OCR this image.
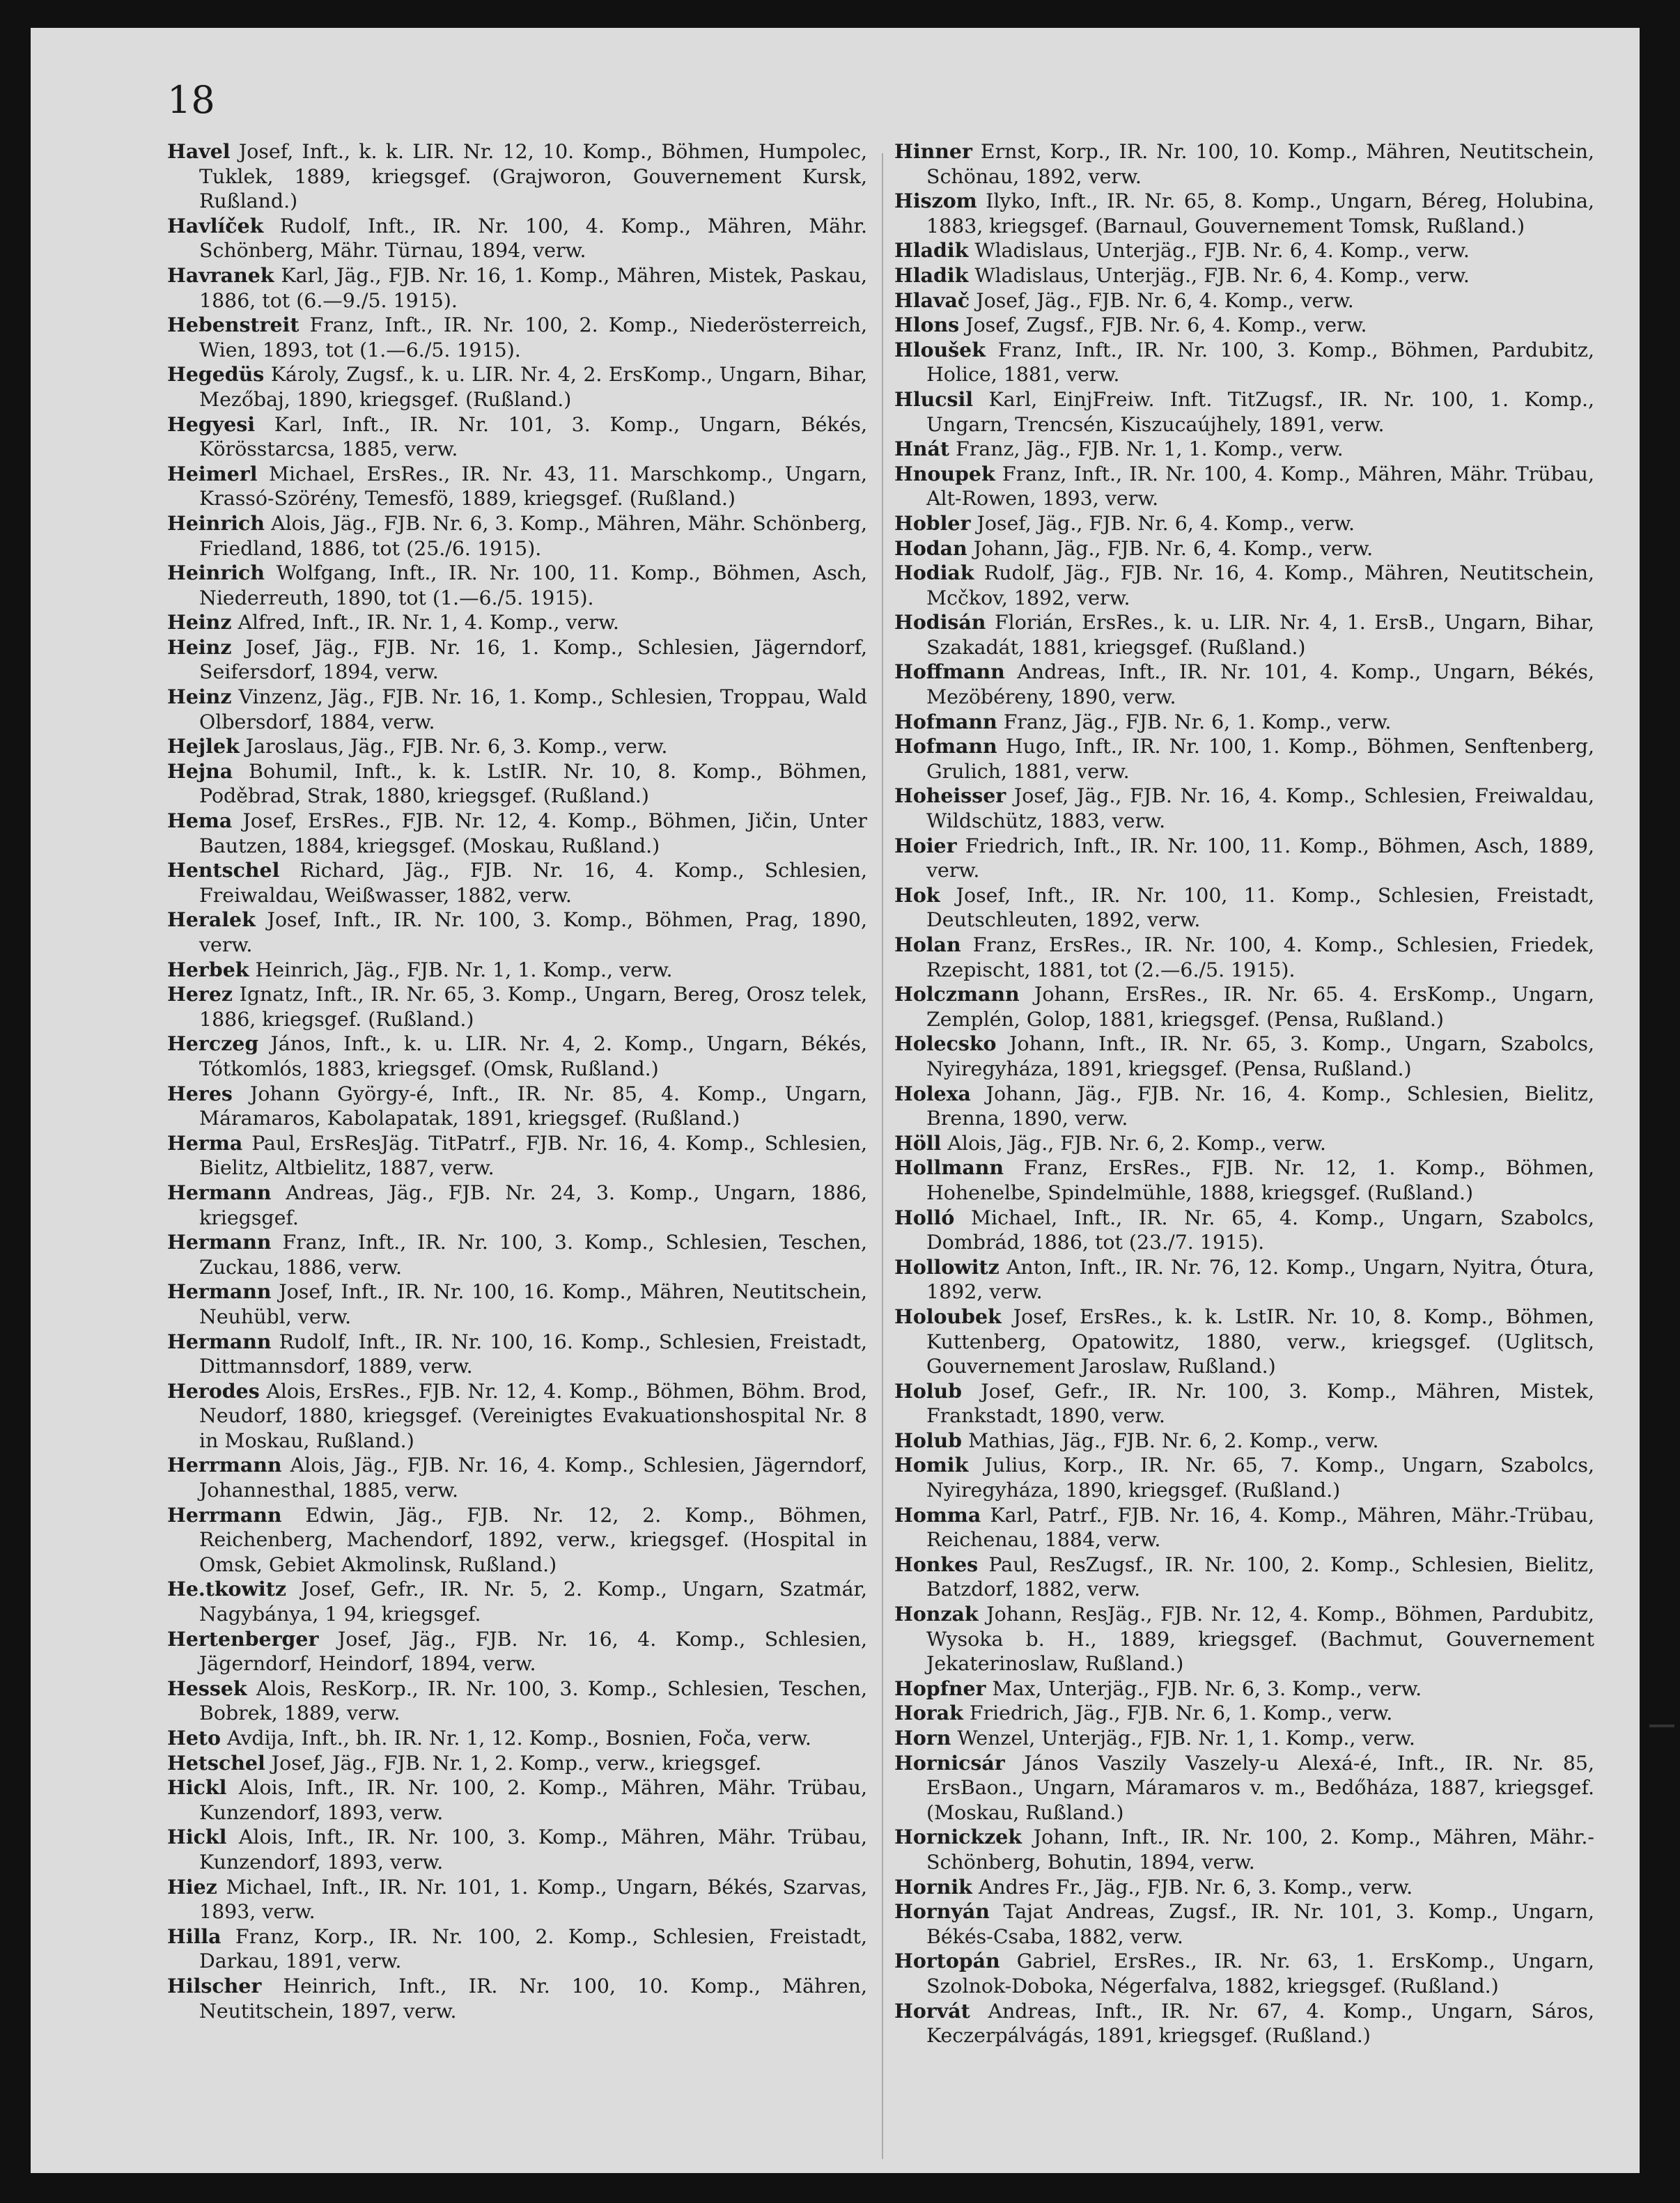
18

Havel Josef, Inft., k. k. LIR. Nr. 12, 10. Komp., Böhmen, Humpolec, Tuklek, 1889, kriegsgef. (Grajworon, Gouvernement Kursk, Rußland.)

Havlíček Rudolf, Inft., IR. Nr. 100, 4. Komp., Mähren, Mähr. Schönberg, Mähr. Türnau, 1894, verw.

Havranek Karl, Jäg., FJB. Nr. 16, 1. Komp., Mähren, Mistek, Paskau, 1886, tot (6.—9./5. 1915).

Hebenstreit Franz, Inft., IR. Nr. 100, 2. Komp., Niederösterreich, Wien, 1893, tot (1.—6./5. 1915).

Hegedüs Károly, Zugsf., k. u. LIR. Nr. 4, 2. ErsKomp., Ungarn, Bihar, Mezőbaj, 1890, kriegsgef. (Rußland.)

Hegyesi Karl, Inft., IR. Nr. 101, 3. Komp., Ungarn, Békés, Körösstarcsa, 1885, verw.

Heimerl Michael, ErsRes., IR. Nr. 43, 11. Marschkomp., Ungarn, Krassó-Szörény, Temesfö, 1889, kriegsgef. (Rußland.)

Heinrich Alois, Jäg., FJB. Nr. 6, 3. Komp., Mähren, Mähr. Schönberg, Friedland, 1886, tot (25./6. 1915).

Heinrich Wolfgang, Inft., IR. Nr. 100, 11. Komp., Böhmen, Asch, Niederreuth, 1890, tot (1.—6./5. 1915).

Heinz Alfred, Inft., IR. Nr. 1, 4. Komp., verw.

Heinz Josef, Jäg., FJB. Nr. 16, 1. Komp., Schlesien, Jägerndorf, Seifersdorf, 1894, verw.

Heinz Vinzenz, Jäg., FJB. Nr. 16, 1. Komp., Schlesien, Troppau, Wald Olbersdorf, 1884, verw.

Hejlek Jaroslaus, Jäg., FJB. Nr. 6, 3. Komp., verw.

Hejna Bohumil, Inft., k. k. LstIR. Nr. 10, 8. Komp., Böhmen, Poděbrad, Strak, 1880, kriegsgef. (Rußland.)

Hema Josef, ErsRes., FJB. Nr. 12, 4. Komp., Böhmen, Jičin, Unter Bautzen, 1884, kriegsgef. (Moskau, Rußland.)

Hentschel Richard, Jäg., FJB. Nr. 16, 4. Komp., Schlesien, Freiwaldau, Weißwasser, 1882, verw.

Heralek Josef, Inft., IR. Nr. 100, 3. Komp., Böhmen, Prag, 1890, verw.

Herbek Heinrich, Jäg., FJB. Nr. 1, 1. Komp., verw.

Herez Ignatz, Inft., IR. Nr. 65, 3. Komp., Ungarn, Bereg, Orosz telek, 1886, kriegsgef. (Rußland.)

Herczeg János, Inft., k. u. LIR. Nr. 4, 2. Komp., Ungarn, Békés, Tótkomlós, 1883, kriegsgef. (Omsk, Rußland.)

Heres Johann György-é, Inft., IR. Nr. 85, 4. Komp., Ungarn, Máramaros, Kabolapatak, 1891, kriegsgef. (Rußland.)

Herma Paul, ErsResJäg. TitPatrf., FJB. Nr. 16, 4. Komp., Schlesien, Bielitz, Altbielitz, 1887, verw.

Hermann Andreas, Jäg., FJB. Nr. 24, 3. Komp., Ungarn, 1886, kriegsgef.

Hermann Franz, Inft., IR. Nr. 100, 3. Komp., Schlesien, Teschen, Zuckau, 1886, verw.

Hermann Josef, Inft., IR. Nr. 100, 16. Komp., Mähren, Neutitschein, Neuhübl, verw.

Hermann Rudolf, Inft., IR. Nr. 100, 16. Komp., Schlesien, Freistadt, Dittmannsdorf, 1889, verw.

Herodes Alois, ErsRes., FJB. Nr. 12, 4. Komp., Böhmen, Böhm. Brod, Neudorf, 1880, kriegsgef. (Vereinigtes Evakuationshospital Nr. 8 in Moskau, Rußland.)

Herrmann Alois, Jäg., FJB. Nr. 16, 4. Komp., Schlesien, Jägerndorf, Johannesthal, 1885, verw.

Herrmann Edwin, Jäg., FJB. Nr. 12, 2. Komp., Böhmen, Reichenberg, Machendorf, 1892, verw., kriegsgef. (Hospital in Omsk, Gebiet Akmolinsk, Rußland.)

He.tkowitz Josef, Gefr., IR. Nr. 5, 2. Komp., Ungarn, Szatmár, Nagybánya, 1 94, kriegsgef.

Hertenberger Josef, Jäg., FJB. Nr. 16, 4. Komp., Schlesien, Jägerndorf, Heindorf, 1894, verw.

Hessek Alois, ResKorp., IR. Nr. 100, 3. Komp., Schlesien, Teschen, Bobrek, 1889, verw.

Heto Avdija, Inft., bh. IR. Nr. 1, 12. Komp., Bosnien, Foča, verw.

Hetschel Josef, Jäg., FJB. Nr. 1, 2. Komp., verw., kriegsgef.

Hickl Alois, Inft., IR. Nr. 100, 2. Komp., Mähren, Mähr. Trübau, Kunzendorf, 1893, verw.

Hickl Alois, Inft., IR. Nr. 100, 3. Komp., Mähren, Mähr. Trübau, Kunzendorf, 1893, verw.

Hiez Michael, Inft., IR. Nr. 101, 1. Komp., Ungarn, Békés, Szarvas, 1893, verw.

Hilla Franz, Korp., IR. Nr. 100, 2. Komp., Schlesien, Freistadt, Darkau, 1891, verw.

Hilscher Heinrich, Inft., IR. Nr. 100, 10. Komp., Mähren, Neutitschein, 1897, verw.

Hinner Ernst, Korp., IR. Nr. 100, 10. Komp., Mähren, Neutitschein, Schönau, 1892, verw.

Hiszom Ilyko, Inft., IR. Nr. 65, 8. Komp., Ungarn, Béreg, Holubina, 1883, kriegsgef. (Barnaul, Gouvernement Tomsk, Rußland.)

Hladik Wladislaus, Unterjäg., FJB. Nr. 6, 4. Komp., verw.

Hladik Wladislaus, Unterjäg., FJB. Nr. 6, 4. Komp., verw.

Hlavač Josef, Jäg., FJB. Nr. 6, 4. Komp., verw.

Hlons Josef, Zugsf., FJB. Nr. 6, 4. Komp., verw.

Hloušek Franz, Inft., IR. Nr. 100, 3. Komp., Böhmen, Pardubitz, Holice, 1881, verw.

Hlucsil Karl, EinjFreiw. Inft. TitZugsf., IR. Nr. 100, 1. Komp., Ungarn, Trencsén, Kiszucaújhely, 1891, verw.

Hnát Franz, Jäg., FJB. Nr. 1, 1. Komp., verw.

Hnoupek Franz, Inft., IR. Nr. 100, 4. Komp., Mähren, Mähr. Trübau, Alt-Rowen, 1893, verw.

Hobler Josef, Jäg., FJB. Nr. 6, 4. Komp., verw.

Hodan Johann, Jäg., FJB. Nr. 6, 4. Komp., verw.

Hodiak Rudolf, Jäg., FJB. Nr. 16, 4. Komp., Mähren, Neutitschein, Mcčkov, 1892, verw.

Hodisán Florián, ErsRes., k. u. LIR. Nr. 4, 1. ErsB., Ungarn, Bihar, Szakadát, 1881, kriegsgef. (Rußland.)

Hoffmann Andreas, Inft., IR. Nr. 101, 4. Komp., Ungarn, Békés, Mezöbéreny, 1890, verw.

Hofmann Franz, Jäg., FJB. Nr. 6, 1. Komp., verw.

Hofmann Hugo, Inft., IR. Nr. 100, 1. Komp., Böhmen, Senftenberg, Grulich, 1881, verw.

Hoheisser Josef, Jäg., FJB. Nr. 16, 4. Komp., Schlesien, Freiwaldau, Wildschütz, 1883, verw.

Hoier Friedrich, Inft., IR. Nr. 100, 11. Komp., Böhmen, Asch, 1889, verw.

Hok Josef, Inft., IR. Nr. 100, 11. Komp., Schlesien, Freistadt, Deutschleuten, 1892, verw.

Holan Franz, ErsRes., IR. Nr. 100, 4. Komp., Schlesien, Friedek, Rzepischt, 1881, tot (2.—6./5. 1915).

Holczmann Johann, ErsRes., IR. Nr. 65. 4. ErsKomp., Ungarn, Zemplén, Golop, 1881, kriegsgef. (Pensa, Rußland.)

Holecsko Johann, Inft., IR. Nr. 65, 3. Komp., Ungarn, Szabolcs, Nyiregyháza, 1891, kriegsgef. (Pensa, Rußland.)

Holexa Johann, Jäg., FJB. Nr. 16, 4. Komp., Schlesien, Bielitz, Brenna, 1890, verw.

Höll Alois, Jäg., FJB. Nr. 6, 2. Komp., verw.

Hollmann Franz, ErsRes., FJB. Nr. 12, 1. Komp., Böhmen, Hohenelbe, Spindelmühle, 1888, kriegsgef. (Rußland.)

Holló Michael, Inft., IR. Nr. 65, 4. Komp., Ungarn, Szabolcs, Dombrád, 1886, tot (23./7. 1915).

Hollowitz Anton, Inft., IR. Nr. 76, 12. Komp., Ungarn, Nyitra, Ótura, 1892, verw.

Holoubek Josef, ErsRes., k. k. LstIR. Nr. 10, 8. Komp., Böhmen, Kuttenberg, Opatowitz, 1880, verw., kriegsgef. (Uglitsch, Gouvernement Jaroslaw, Rußland.)

Holub Josef, Gefr., IR. Nr. 100, 3. Komp., Mähren, Mistek, Frankstadt, 1890, verw.

Holub Mathias, Jäg., FJB. Nr. 6, 2. Komp., verw.

Homik Julius, Korp., IR. Nr. 65, 7. Komp., Ungarn, Szabolcs, Nyiregyháza, 1890, kriegsgef. (Rußland.)

Homma Karl, Patrf., FJB. Nr. 16, 4. Komp., Mähren, Mähr.-Trübau, Reichenau, 1884, verw.

Honkes Paul, ResZugsf., IR. Nr. 100, 2. Komp., Schlesien, Bielitz, Batzdorf, 1882, verw.

Honzak Johann, ResJäg., FJB. Nr. 12, 4. Komp., Böhmen, Pardubitz, Wysoka b. H., 1889, kriegsgef. (Bachmut, Gouvernement Jekaterinoslaw, Rußland.)

Hopfner Max, Unterjäg., FJB. Nr. 6, 3. Komp., verw.

Horak Friedrich, Jäg., FJB. Nr. 6, 1. Komp., verw.

Horn Wenzel, Unterjäg., FJB. Nr. 1, 1. Komp., verw.

Hornicsár János Vaszily Vaszely-u Alexá-é, Inft., IR. Nr. 85, ErsBaon., Ungarn, Máramaros v. m., Bedőháza, 1887, kriegsgef. (Moskau, Rußland.)

Hornickzek Johann, Inft., IR. Nr. 100, 2. Komp., Mähren, Mähr.-Schönberg, Bohutin, 1894, verw.

Hornik Andres Fr., Jäg., FJB. Nr. 6, 3. Komp., verw.

Hornyán Tajat Andreas, Zugsf., IR. Nr. 101, 3. Komp., Ungarn, Békés-Csaba, 1882, verw.

Hortopán Gabriel, ErsRes., IR. Nr. 63, 1. ErsKomp., Ungarn, Szolnok-Doboka, Négerfalva, 1882, kriegsgef. (Rußland.)

Horvát Andreas, Inft., IR. Nr. 67, 4. Komp., Ungarn, Sáros, Keczerpálvágás, 1891, kriegsgef. (Rußland.)
